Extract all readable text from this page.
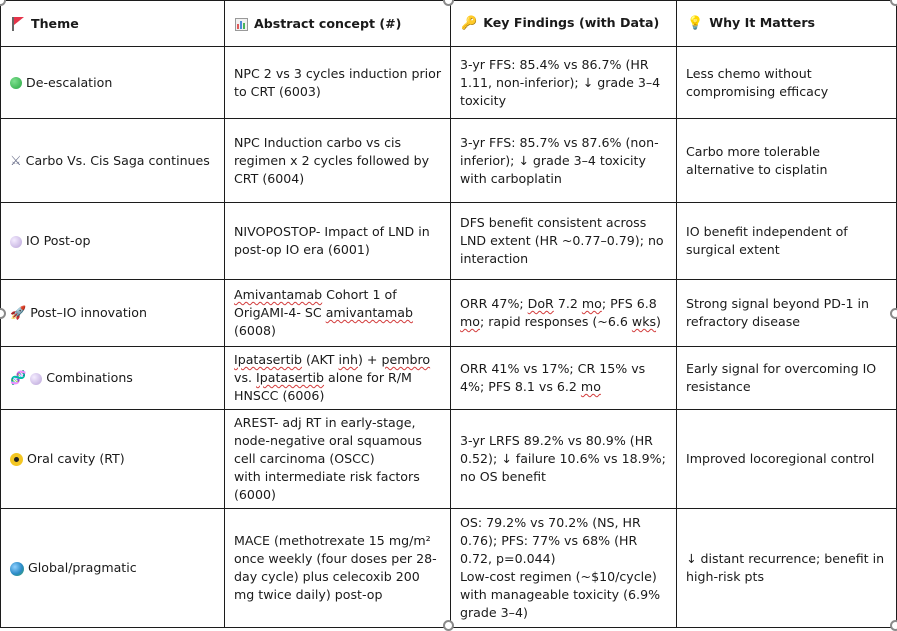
Theme	Abstract concept (#)	🔑 Key Findings (with Data)	💡 Why It Matters
De-escalation	NPC 2 vs 3 cycles induction prior to CRT (6003)	3-yr FFS: 85.4% vs 86.7% (HR 1.11, non-inferior); ↓ grade 3–4 toxicity	Less chemo without compromising efficacy
⚔ Carbo Vs. Cis Saga continues	NPC Induction carbo vs cis regimen x 2 cycles followed by CRT (6004)	3-yr FFS: 85.7% vs 87.6% (non-inferior); ↓ grade 3–4 toxicity with carboplatin	Carbo more tolerable alternative to cisplatin
IO Post-op	NIVOPOSTOP- Impact of LND in post-op IO era (6001)	DFS benefit consistent across LND extent (HR ~0.77–0.79); no interaction	IO benefit independent of surgical extent
🚀 Post–IO innovation	Amivantamab Cohort 1 of OrigAMI-4- SC amivantamab (6008)	ORR 47%; DoR 7.2 mo; PFS 6.8 mo; rapid responses (~6.6 wks)	Strong signal beyond PD-1 in refractory disease
🧬 Combinations	Ipatasertib (AKT inh) + pembro vs. Ipatasertib alone for R/M HNSCC (6006)	ORR 41% vs 17%; CR 15% vs 4%; PFS 8.1 vs 6.2 mo	Early signal for overcoming IO resistance
Oral cavity (RT)	AREST- adj RT in early-stage, node-negative oral squamous cell carcinoma (OSCC)
with intermediate risk factors
(6000)	3-yr LRFS 89.2% vs 80.9% (HR 0.52); ↓ failure 10.6% vs 18.9%; no OS benefit	Improved locoregional control
Global/pragmatic	MACE (methotrexate 15 mg/m² once weekly (four doses per 28-day cycle) plus celecoxib 200 mg twice daily) post-op	OS: 79.2% vs 70.2% (NS, HR 0.76); PFS: 77% vs 68% (HR 0.72, p=0.044)
Low-cost regimen (~$10/cycle) with manageable toxicity (6.9% grade 3–4)	↓ distant recurrence; benefit in high-risk pts
